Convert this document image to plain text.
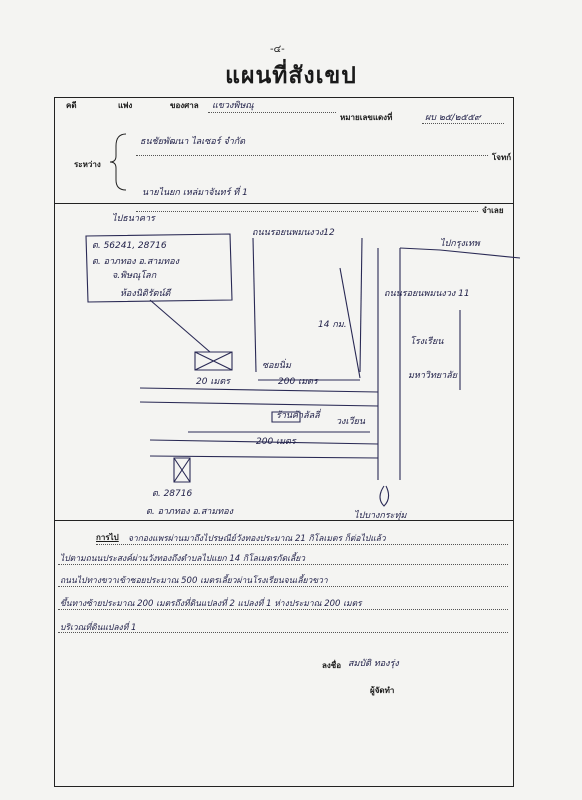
-๔-
แผนที่สังเขป
คดี	แพ่ง	ของศาล แขวงพิษณุ
หมายเลขแดงที่	ผบ ๒๕/๒๕๕๙
ระหว่าง
ธนชัยพัฒนา ไลเซอร์ จำกัด
โจทก์
นายไนยก เหล่มาจันทร์ ที่ 1
จำเลย
ไปธนาคาร
ถนนรอยนพมนงวง12
ไปกรุงเทพ
ต. 56241, 28716
ต. อาภทอง อ.สามทอง
จ.พิษณุโลก
ห้องนิติรัตน์ดี	ถนนรอยนพมนงวง 11
14 กม.
โรงเรียน
มหาวิทยาลัย
ซอยนิ่ม
20 เมตร	200 เมตร
ร้านค้าลัลลี่
วงเวียน
200 เมตร
ต. 28716
ต. อาภทอง อ.สามทอง	ไปบางกระทุ่ม
การไป จากองแพรผ่านมาถึงไปรษณีย์วังทองประมาณ 21 กิโลเมตร ก็ต่อไปแล้ว
ไปตามถนนประสงค์ผ่านวังทองถึงตำบลไปแยก 14 กิโลเมตรกัดเลี้ยว
ถนนไปทางขวาเข้าซอยประมาณ 500 เมตรเลี้ยวผ่านโรงเรียนจนเลี้ยวขวา
ขึ้นทางซ้ายประมาณ 200 เมตรถึงที่ดินแปลงที่ 2 แปลงที่ 1 ห่างประมาณ 200 เมตร
บริเวณที่ดินแปลงที่ 1
ลงชื่อ สมบัติ ทองรุ่ง
ผู้จัดทำ
